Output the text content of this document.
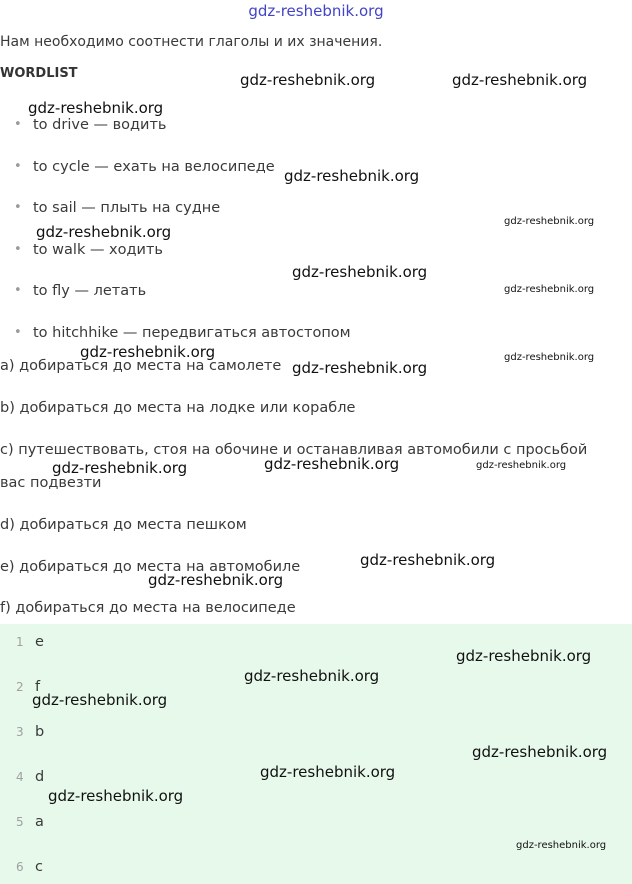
gdz-reshebnik.org
Нам необходимо соотнести глаголы и их значения.
WORDLIST
• to drive — водить
• to cycle — ехать на велосипеде
• to sail — плыть на судне
• to walk — ходить
• to fly — летать
• to hitchhike — передвигаться автостопом
a) добираться до места на самолете
b) добираться до места на лодке или корабле
c) путешествовать, стоя на обочине и останавливая автомобили с просьбой
вас подвезти
d) добираться до места пешком
e) добираться до места на автомобиле
f) добираться до места на велосипеде
1 e
2 f
3 b
4 d
5 a
6 c
gdz-reshebnik.org	gdz-reshebnik.org
gdz-reshebnik.org
gdz-reshebnik.org
gdz-reshebnik.org
gdz-reshebnik.org
gdz-reshebnik.org
gdz-reshebnik.org
gdz-reshebnik.org	gdz-reshebnik.org
gdz-reshebnik.org
gdz-reshebnik.org	gdz-reshebnik.org
gdz-reshebnik.org
gdz-reshebnik.org
gdz-reshebnik.org
gdz-reshebnik.org
gdz-reshebnik.org
gdz-reshebnik.org
gdz-reshebnik.org
gdz-reshebnik.org
gdz-reshebnik.org
gdz-reshebnik.org
